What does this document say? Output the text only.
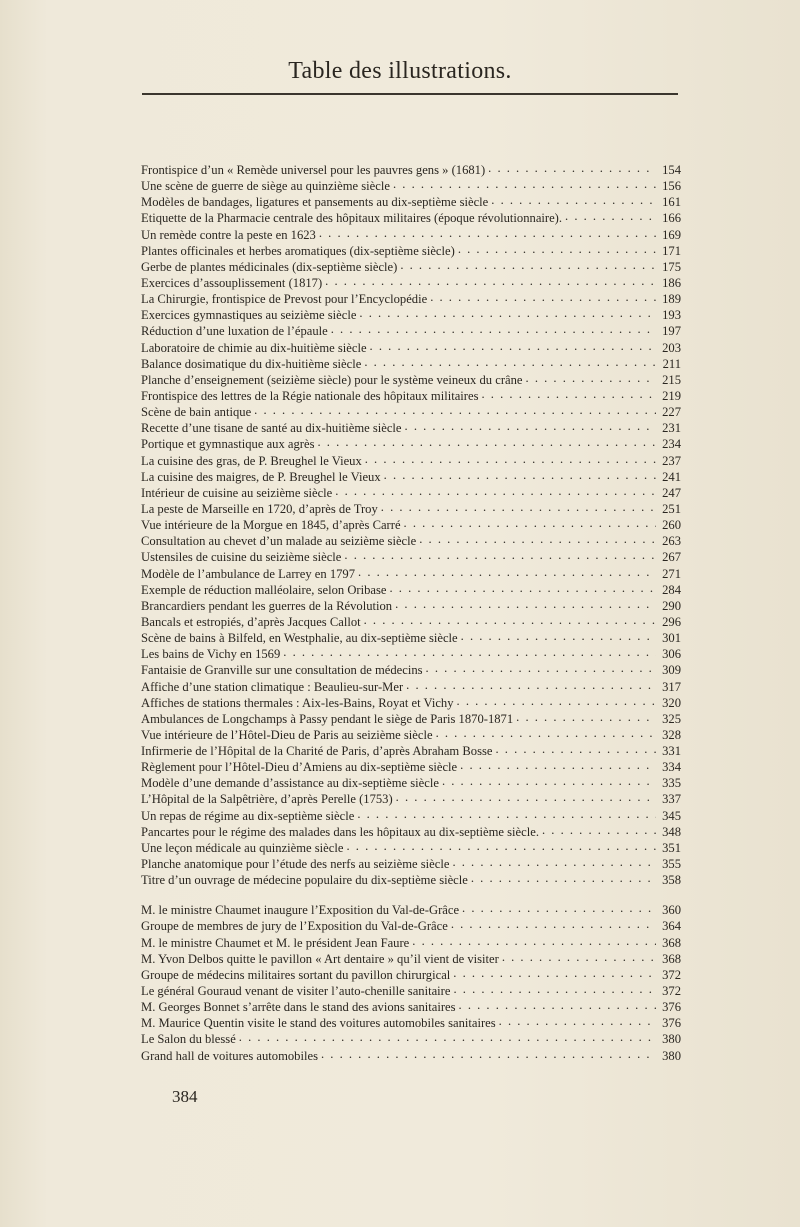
Table des illustrations.
Frontispice d’un « Remède universel pour les pauvres gens » (1681) . . .	154
Une scène de guerre de siège au quinzième siècle . . .	156
Modèles de bandages, ligatures et pansements au dix-septième siècle . . .	161
Etiquette de la Pharmacie centrale des hôpitaux militaires (époque révolutionnaire). . . .	166
Un remède contre la peste en 1623 . . .	169
Plantes officinales et herbes aromatiques (dix-septième siècle) . . .	171
Gerbe de plantes médicinales (dix-septième siècle) . . .	175
Exercices d’assouplissement (1817) . . .	186
La Chirurgie, frontispice de Prevost pour l’Encyclopédie . . .	189
Exercices gymnastiques au seizième siècle . . .	193
Réduction d’une luxation de l’épaule . . .	197
Laboratoire de chimie au dix-huitième siècle . . .	203
Balance dosimatique du dix-huitième siècle . . .	211
Planche d’enseignement (seizième siècle) pour le système veineux du crâne . . .	215
Frontispice des lettres de la Régie nationale des hôpitaux militaires . . .	219
Scène de bain antique . . .	227
Recette d’une tisane de santé au dix-huitième siècle . . .	231
Portique et gymnastique aux agrès . . .	234
La cuisine des gras, de P. Breughel le Vieux . . .	237
La cuisine des maigres, de P. Breughel le Vieux . . .	241
Intérieur de cuisine au seizième siècle . . .	247
La peste de Marseille en 1720, d’après de Troy . . .	251
Vue intérieure de la Morgue en 1845, d’après Carré . . .	260
Consultation au chevet d’un malade au seizième siècle . . .	263
Ustensiles de cuisine du seizième siècle . . .	267
Modèle de l’ambulance de Larrey en 1797 . . .	271
Exemple de réduction malléolaire, selon Oribase . . .	284
Brancardiers pendant les guerres de la Révolution . . .	290
Bancals et estropiés, d’après Jacques Callot . . .	296
Scène de bains à Bilfeld, en Westphalie, au dix-septième siècle . . .	301
Les bains de Vichy en 1569 . . .	306
Fantaisie de Granville sur une consultation de médecins . . .	309
Affiche d’une station climatique : Beaulieu-sur-Mer . . .	317
Affiches de stations thermales : Aix-les-Bains, Royat et Vichy . . .	320
Ambulances de Longchamps à Passy pendant le siège de Paris 1870-1871 . . .	325
Vue intérieure de l’Hôtel-Dieu de Paris au seizième siècle . . .	328
Infirmerie de l’Hôpital de la Charité de Paris, d’après Abraham Bosse . . .	331
Règlement pour l’Hôtel-Dieu d’Amiens au dix-septième siècle . . .	334
Modèle d’une demande d’assistance au dix-septième siècle . . .	335
L’Hôpital de la Salpêtrière, d’après Perelle (1753) . . .	337
Un repas de régime au dix-septième siècle . . .	345
Pancartes pour le régime des malades dans les hôpitaux au dix-septième siècle. . . .	348
Une leçon médicale au quinzième siècle . . .	351
Planche anatomique pour l’étude des nerfs au seizième siècle . . .	355
Titre d’un ouvrage de médecine populaire du dix-septième siècle . . .	358
M. le ministre Chaumet inaugure l’Exposition du Val-de-Grâce . . .	360
Groupe de membres de jury de l’Exposition du Val-de-Grâce . . .	364
M. le ministre Chaumet et M. le président Jean Faure . . .	368
M. Yvon Delbos quitte le pavillon « Art dentaire » qu’il vient de visiter . . .	368
Groupe de médecins militaires sortant du pavillon chirurgical . . .	372
Le général Gouraud venant de visiter l’auto-chenille sanitaire . . .	372
M. Georges Bonnet s’arrête dans le stand des avions sanitaires . . .	376
M. Maurice Quentin visite le stand des voitures automobiles sanitaires . . .	376
Le Salon du blessé . . .	380
Grand hall de voitures automobiles . . .	380
384
